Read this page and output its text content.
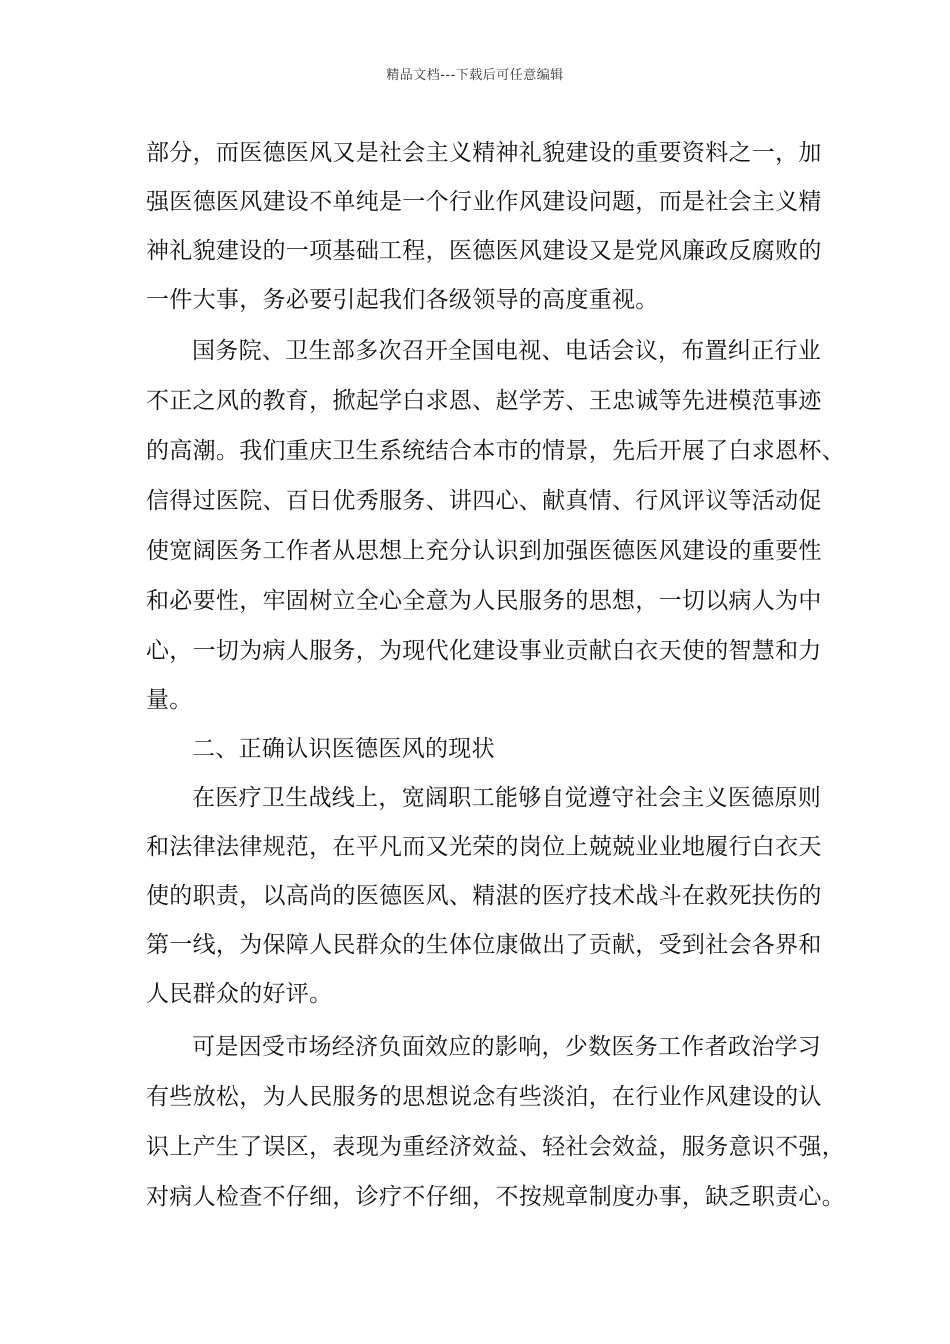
精品文档---下载后可任意编辑
部分，而医德医风又是社会主义精神礼貌建设的重要资料之一，加
强医德医风建设不单纯是一个行业作风建设问题，而是社会主义精
神礼貌建设的一项基础工程，医德医风建设又是党风廉政反腐败的
一件大事，务必要引起我们各级领导的高度重视。
国务院、卫生部多次召开全国电视、电话会议，布置纠正行业
不正之风的教育，掀起学白求恩、赵学芳、王忠诚等先进模范事迹
的高潮。我们重庆卫生系统结合本市的情景，先后开展了白求恩杯、
信得过医院、百日优秀服务、讲四心、献真情、行风评议等活动促
使宽阔医务工作者从思想上充分认识到加强医德医风建设的重要性
和必要性，牢固树立全心全意为人民服务的思想，一切以病人为中
心，一切为病人服务，为现代化建设事业贡献白衣天使的智慧和力
量。
二、正确认识医德医风的现状
在医疗卫生战线上，宽阔职工能够自觉遵守社会主义医德原则
和法律法律规范，在平凡而又光荣的岗位上兢兢业业地履行白衣天
使的职责，以高尚的医德医风、精湛的医疗技术战斗在救死扶伤的
第一线，为保障人民群众的生体位康做出了贡献，受到社会各界和
人民群众的好评。
可是因受市场经济负面效应的影响，少数医务工作者政治学习
有些放松，为人民服务的思想说念有些淡泊，在行业作风建设的认
识上产生了误区，表现为重经济效益、轻社会效益，服务意识不强，
对病人检查不仔细，诊疗不仔细，不按规章制度办事，缺乏职责心。
